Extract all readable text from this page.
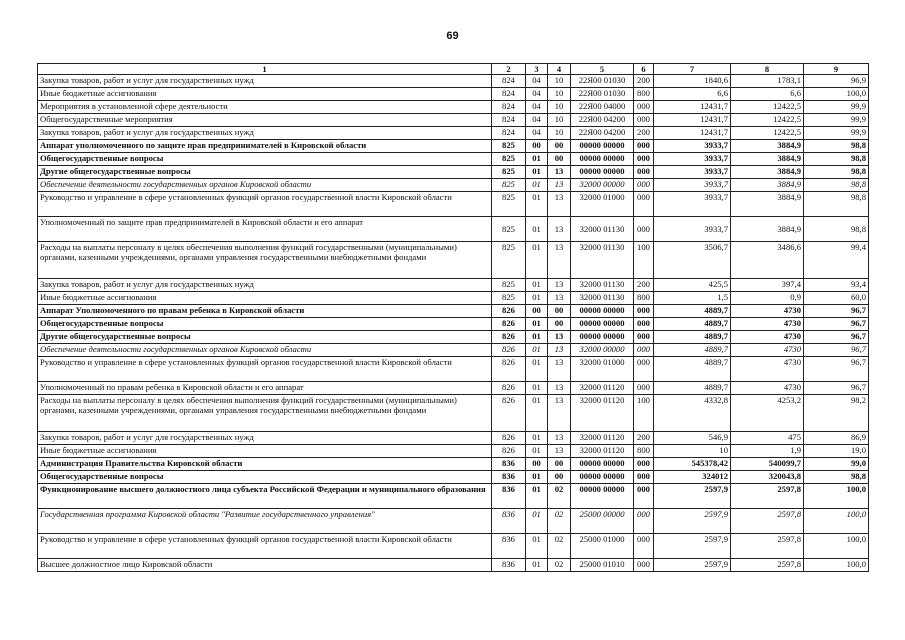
69
1	2	3	4	5	6	7	8	9
Закупка товаров, работ и услуг для государственных нужд	824	04	10	22Я00 01030	200	1840,6	1783,1	96,9
Иные бюджетные ассигнования	824	04	10	22Я00 01030	800	6,6	6,6	100,0
Мероприятия в установленной сфере деятельности	824	04	10	22Я00 04000	000	12431,7	12422,5	99,9
Общегосударственные мероприятия	824	04	10	22Я00 04200	000	12431,7	12422,5	99,9
Закупка товаров, работ и услуг для государственных нужд	824	04	10	22Я00 04200	200	12431,7	12422,5	99,9
Аппарат уполномоченного по защите прав предпринимателей в Кировской области	825	00	00	00000 00000	000	3933,7	3884,9	98,8
Общегосударственные вопросы	825	01	00	00000 00000	000	3933,7	3884,9	98,8
Другие общегосударственные вопросы	825	01	13	00000 00000	000	3933,7	3884,9	98,8
Обеспечение деятельности государственных органов Кировской области	825	01	13	32000 00000	000	3933,7	3884,9	98,8
Руководство и управление в сфере установленных функций органов государственной власти Кировской области	825	01	13	32000 01000	000	3933,7	3884,9	98,8
Уполномоченный по защите прав предпринимателей в Кировской области и его аппарат	825	01	13	32000 01130	000	3933,7	3884,9	98,8
Расходы на выплаты персоналу в целях обеспечения выполнения функций государственными (муниципальными) органами, казенными учреждениями, органами управления государственными внебюджетными фондами	825	01	13	32000 01130	100	3506,7	3486,6	99,4
Закупка товаров, работ и услуг для государственных нужд	825	01	13	32000 01130	200	425,5	397,4	93,4
Иные бюджетные ассигнования	825	01	13	32000 01130	800	1,5	0,9	60,0
Аппарат Уполномоченного по правам ребенка в Кировской области	826	00	00	00000 00000	000	4889,7	4730	96,7
Общегосударственные вопросы	826	01	00	00000 00000	000	4889,7	4730	96,7
Другие общегосударственные вопросы	826	01	13	00000 00000	000	4889,7	4730	96,7
Обеспечение деятельности государственных органов Кировской области	826	01	13	32000 00000	000	4889,7	4730	96,7
Руководство и управление в сфере установленных функций органов государственной власти Кировской области	826	01	13	32000 01000	000	4889,7	4730	96,7
Уполномоченный по правам ребенка в Кировской области и его аппарат	826	01	13	32000 01120	000	4889,7	4730	96,7
Расходы на выплаты персоналу в целях обеспечения выполнения функций государственными (муниципальными) органами, казенными учреждениями, органами управления государственными внебюджетными фондами	826	01	13	32000 01120	100	4332,8	4253,2	98,2
Закупка товаров, работ и услуг для государственных нужд	826	01	13	32000 01120	200	546,9	475	86,9
Иные бюджетные ассигнования	826	01	13	32000 01120	800	10	1,9	19,0
Администрация Правительства Кировской области	836	00	00	00000 00000	000	545378,42	540099,7	99,0
Общегосударственные вопросы	836	01	00	00000 00000	000	324012	320043,8	98,8
Функционирование высшего должностного лица субъекта Российской Федерации и муниципального образования	836	01	02	00000 00000	000	2597,9	2597,8	100,0
Государственная программа Кировской области "Развитие государственного управления"	836	01	02	25000 00000	000	2597,9	2597,8	100,0
Руководство и управление в сфере установленных функций органов государственной власти Кировской области	836	01	02	25000 01000	000	2597,9	2597,8	100,0
Высшее должностное лицо Кировской области	836	01	02	25000 01010	000	2597,9	2597,8	100,0
